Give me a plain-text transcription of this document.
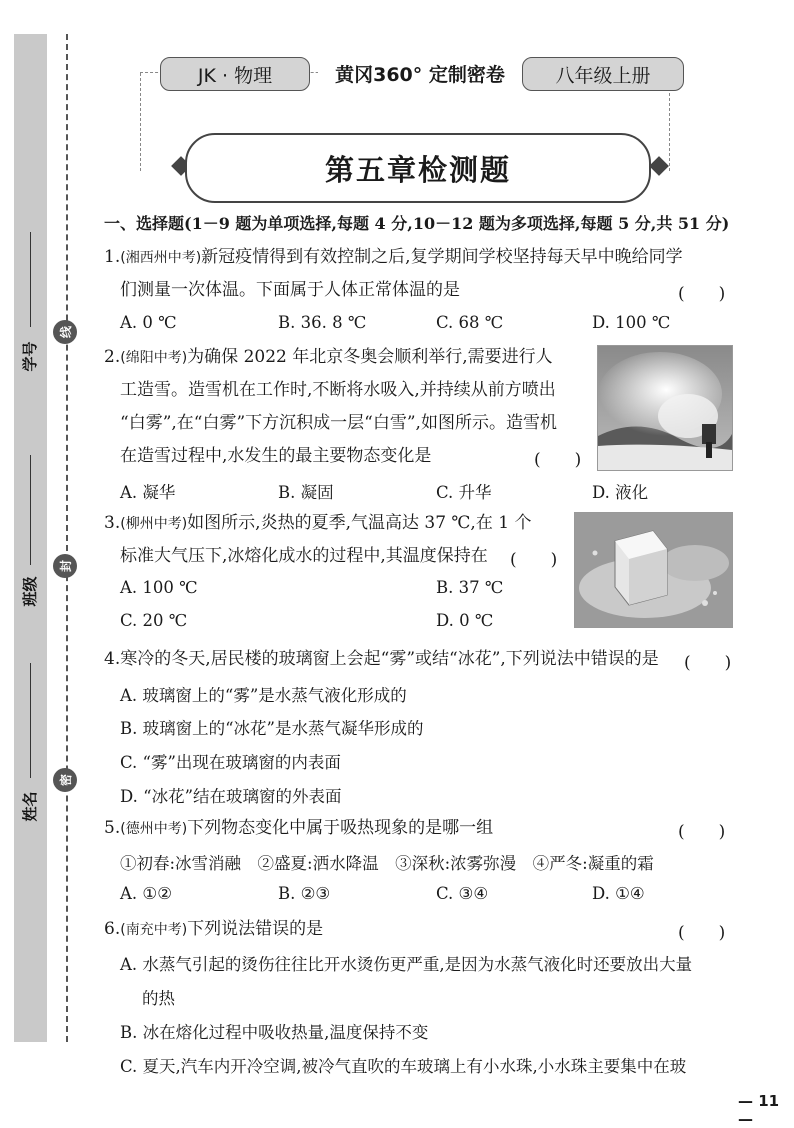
学号
班级
姓名
线
封
密
JK · 物理	黄冈360° 定制密卷	八年级上册
第五章检测题
一、选择题(1－9 题为单项选择,每题 4 分,10－12 题为多项选择,每题 5 分,共 51 分)
1.(湘西州中考)新冠疫情得到有效控制之后,复学期间学校坚持每天早中晚给同学
们测量一次体温。下面属于人体正常体温的是	(　　)
A. 0 ℃	B. 36. 8 ℃	C. 68 ℃	D. 100 ℃
2.(绵阳中考)为确保 2022 年北京冬奥会顺利举行,需要进行人
工造雪。造雪机在工作时,不断将水吸入,并持续从前方喷出
“白雾”,在“白雾”下方沉积成一层“白雪”,如图所示。造雪机
在造雪过程中,水发生的最主要物态变化是	(　　)
A. 凝华	B. 凝固	C. 升华	D. 液化
3.(柳州中考)如图所示,炎热的夏季,气温高达 37 ℃,在 1 个
标准大气压下,冰熔化成水的过程中,其温度保持在 (　　)
A. 100 ℃	B. 37 ℃
C. 20 ℃	D. 0 ℃
4.寒冷的冬天,居民楼的玻璃窗上会起“雾”或结“冰花”,下列说法中错误的是 (　　)
A. 玻璃窗上的“雾”是水蒸气液化形成的
B. 玻璃窗上的“冰花”是水蒸气凝华形成的
C. “雾”出现在玻璃窗的内表面
D. “冰花”结在玻璃窗的外表面
5.(德州中考)下列物态变化中属于吸热现象的是哪一组	(　　)
①初春:冰雪消融　②盛夏:洒水降温　③深秋:浓雾弥漫　④严冬:凝重的霜
A. ①②	B. ②③	C. ③④	D. ①④
6.(南充中考)下列说法错误的是	(　　)
A. 水蒸气引起的烫伤往往比开水烫伤更严重,是因为水蒸气液化时还要放出大量
的热
B. 冰在熔化过程中吸收热量,温度保持不变
C. 夏天,汽车内开冷空调,被冷气直吹的车玻璃上有小水珠,小水珠主要集中在玻
— 11 —
